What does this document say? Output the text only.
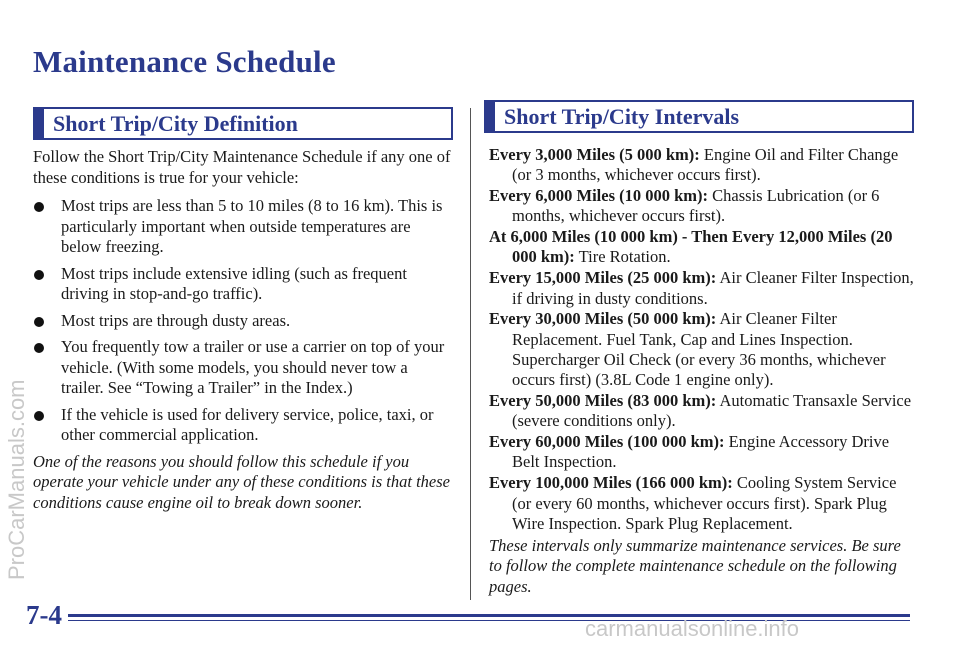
Maintenance Schedule
Short Trip/City Definition	Short Trip/City Intervals

Follow the Short Trip/City Maintenance Schedule if any one of these conditions is true for your vehicle:

Most trips are less than 5 to 10 miles (8 to 16 km). This is particularly important when outside temperatures are below freezing.
Most trips include extensive idling (such as frequent driving in stop-and-go traffic).
Most trips are through dusty areas.
You frequently tow a trailer or use a carrier on top of your vehicle. (With some models, you should never tow a trailer. See “Towing a Trailer” in the Index.)
If the vehicle is used for delivery service, police, taxi, or other commercial application.

One of the reasons you should follow this schedule if you operate your vehicle under any of these conditions is that these conditions cause engine oil to break down sooner.

Every 3,000 Miles (5 000 km): Engine Oil and Filter Change (or 3 months, whichever occurs first).

Every 6,000 Miles (10 000 km): Chassis Lubrication (or 6 months, whichever occurs first).

At 6,000 Miles (10 000 km) - Then Every 12,000 Miles (20 000 km): Tire Rotation.

Every 15,000 Miles (25 000 km): Air Cleaner Filter Inspection, if driving in dusty conditions.

Every 30,000 Miles (50 000 km): Air Cleaner Filter Replacement. Fuel Tank, Cap and Lines Inspection. Supercharger Oil Check (or every 36 months, whichever occurs first) (3.8L Code 1 engine only).

Every 50,000 Miles (83 000 km): Automatic Transaxle Service (severe conditions only).

Every 60,000 Miles (100 000 km): Engine Accessory Drive Belt Inspection.

Every 100,000 Miles (166 000 km): Cooling System Service (or every 60 months, whichever occurs first). Spark Plug Wire Inspection. Spark Plug Replacement.

These intervals only summarize maintenance services. Be sure to follow the complete maintenance schedule on the following pages.

7-4
ProCarManuals.com
carmanualsonline.info
